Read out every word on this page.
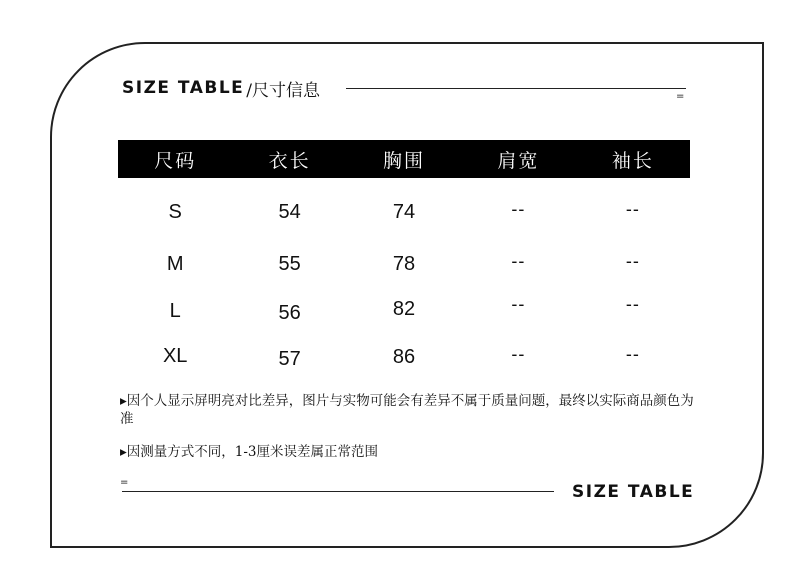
SIZE TABLE /尺寸信息	=
尺码	衣长	胸围	肩宽	袖长
S	54	74	--	--
M	55	78	--	--
L	56	82	--	--
XL	57	86	--	--
▸因个人显示屏明亮对比差异，图片与实物可能会有差异不属于质量问题，最终以实际商品颜色为准
▸因测量方式不同，1-3厘米误差属正常范围
=	SIZE TABLE
